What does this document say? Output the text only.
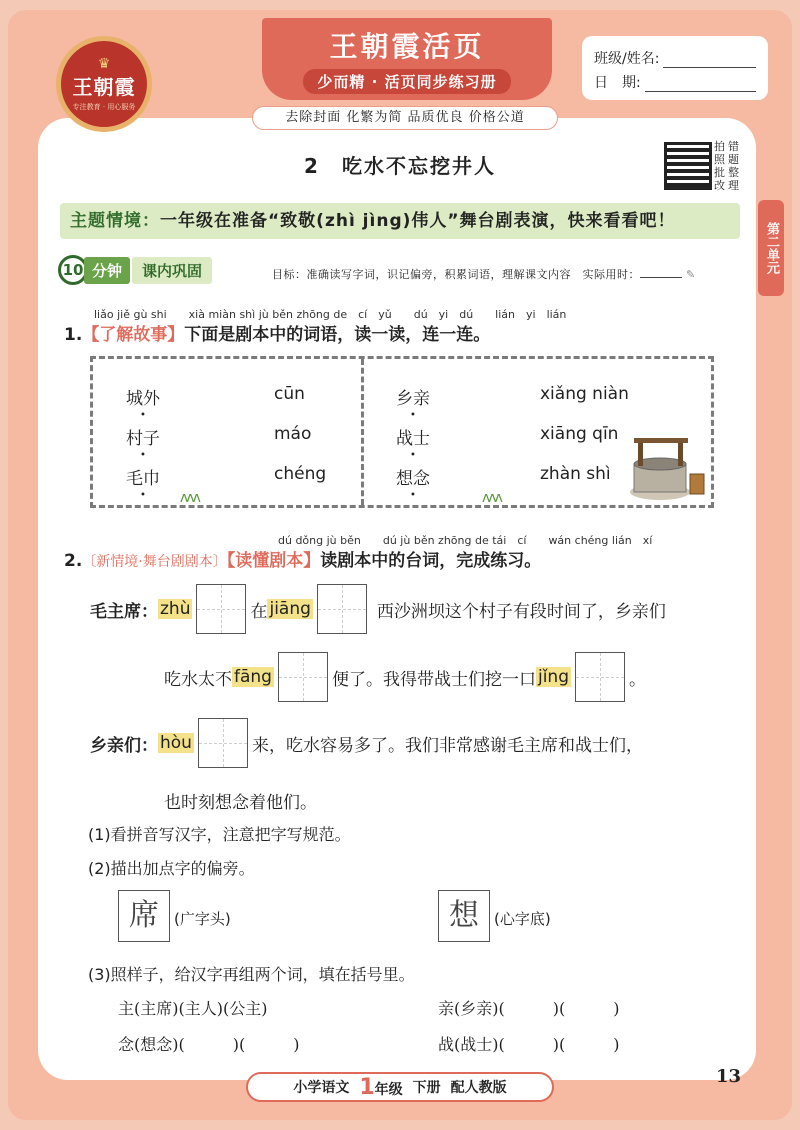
♛
王朝霞
专注教育 · 用心服务
王朝霞活页
少而精 · 活页同步练习册
班级/姓名:
日　期:
去除封面 化繁为简 品质优良 价格公道
2　吃水不忘挖井人
拍 错
照 题
批 整
改 理
第二单元
主题情境：一年级在准备“致敬(zhì jìng)伟人”舞台剧表演，快来看看吧！
10 分钟	课内巩固	目标：准确读写字词，识记偏旁，积累词语，理解课文内容　实际用时：	✎
liǎo jiě gù shi　　xià miàn shì jù běn zhōng de　cí　yǔ　　dú　yi　dú　　lián　yi　lián
1.【了解故事】下面是剧本中的词语，读一读，连一连。
城外
村子
毛巾
cūn
máo
chéng
乡亲
战士
想念
xiǎng niàn
xiāng qīn
zhàn shì
ᴧᴧᴧ	ᴧᴧᴧ
dú dǒng jù běn　　dú jù běn zhōng de tái　cí　　wán chéng lián　xí
2.〔新情境·舞台剧剧本〕【读懂剧本】读剧本中的台词，完成练习。
毛主席： zhù	在 jiāng	西沙洲坝这个村子有段时间了，乡亲们
吃水太不 fāng	便了。我得带战士们挖一口 jǐng	。
乡亲们： hòu	来，吃水容易多了。我们非常感谢毛主席和战士们，
也时刻想念着他们。
(1)看拼音写汉字，注意把字写规范。
(2)描出加点字的偏旁。
席	(广字头)	想	(心字底)
(3)照样子，给汉字再组两个词，填在括号里。
主(主席)(主人)(公主)	亲(乡亲)(　　　)(　　　)
念(想念)(　　　)(　　　)	战(战士)(　　　)(　　　)
13
小学语文 1年级 下册 配人教版
